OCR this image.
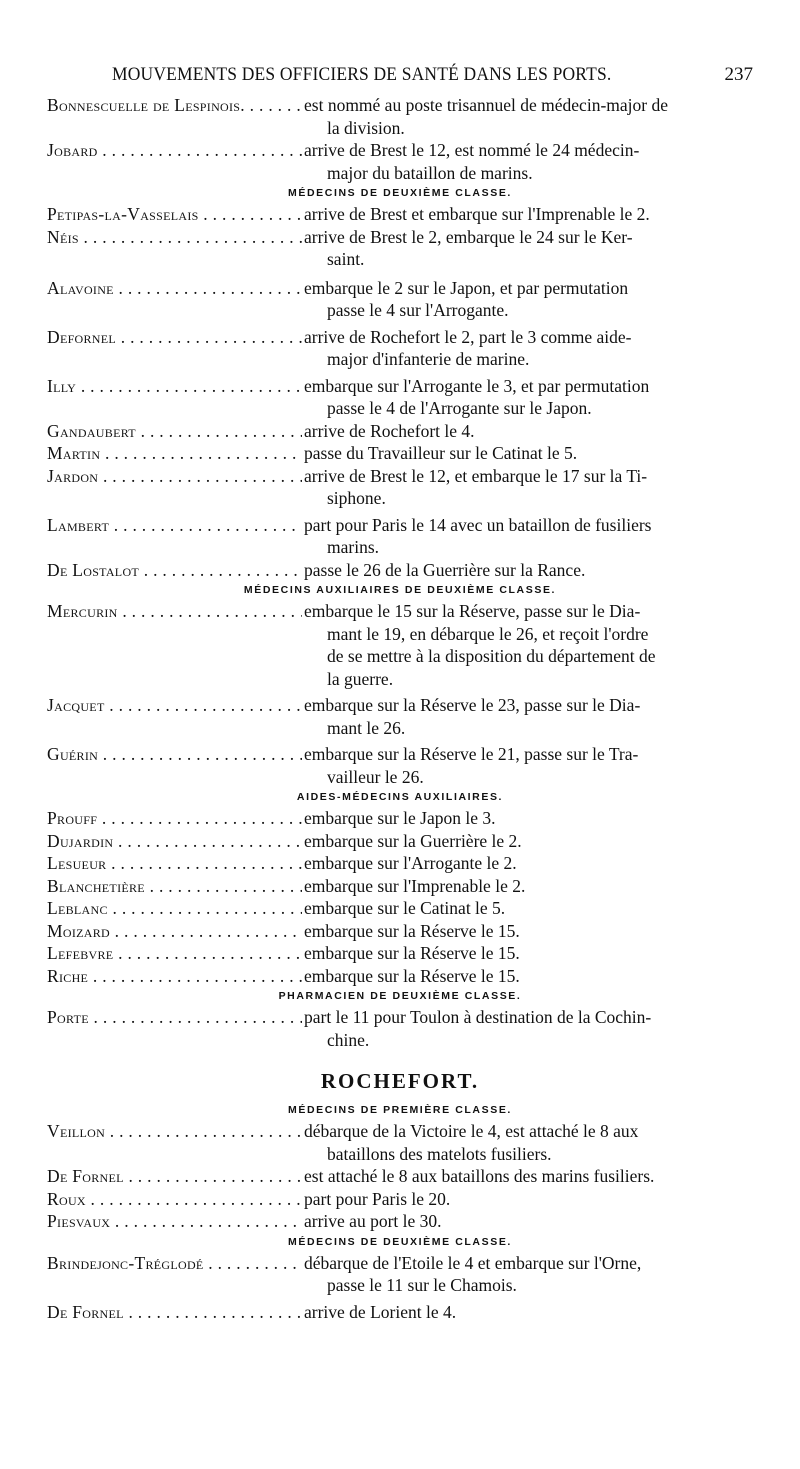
MOUVEMENTS DES OFFICIERS DE SANTÉ DANS LES PORTS.	237
Bonnescuelle de Lespinois. . . .	est nommé au poste trisannuel de médecin-major de
la division.
Jobard . . .	arrive de Brest le 12, est nommé le 24 médecin-
major du bataillon de marins.
MÉDECINS DE DEUXIÈME CLASSE.
Petipas-la-Vasselais . . .	arrive de Brest et embarque sur l'Imprenable le 2.
Néis . . .	arrive de Brest le 2, embarque le 24 sur le Ker-
saint.
Alavoine . . .	embarque le 2 sur le Japon, et par permutation
passe le 4 sur l'Arrogante.
Defornel . . .	arrive de Rochefort le 2, part le 3 comme aide-
major d'infanterie de marine.
Illy . . .	embarque sur l'Arrogante le 3, et par permutation
passe le 4 de l'Arrogante sur le Japon.
Gandaubert . . .	arrive de Rochefort le 4.
Martin . . .	passe du Travailleur sur le Catinat le 5.
Jardon . . .	arrive de Brest le 12, et embarque le 17 sur la Ti-
siphone.
Lambert . . .	part pour Paris le 14 avec un bataillon de fusiliers
marins.
De Lostalot . . .	passe le 26 de la Guerrière sur la Rance.
MÉDECINS AUXILIAIRES DE DEUXIÈME CLASSE.
Mercurin . . .	embarque le 15 sur la Réserve, passe sur le Dia-
mant le 19, en débarque le 26, et reçoit l'ordre
de se mettre à la disposition du département de
la guerre.
Jacquet . . .	embarque sur la Réserve le 23, passe sur le Dia-
mant le 26.
Guérin . . .	embarque sur la Réserve le 21, passe sur le Tra-
vailleur le 26.
AIDES-MÉDECINS AUXILIAIRES.
Prouff . . .	embarque sur le Japon le 3.
Dujardin . . .	embarque sur la Guerrière le 2.
Lesueur . . .	embarque sur l'Arrogante le 2.
Blanchetière . . .	embarque sur l'Imprenable le 2.
Leblanc . . .	embarque sur le Catinat le 5.
Moizard . . .	embarque sur la Réserve le 15.
Lefebvre . . .	embarque sur la Réserve le 15.
Riche . . .	embarque sur la Réserve le 15.
PHARMACIEN DE DEUXIÈME CLASSE.
Porte . . .	part le 11 pour Toulon à destination de la Cochin-
chine.
ROCHEFORT.
MÉDECINS DE PREMIÈRE CLASSE.
Veillon . . .	débarque de la Victoire le 4, est attaché le 8 aux
bataillons des matelots fusiliers.
De Fornel . . .	est attaché le 8 aux bataillons des marins fusiliers.
Roux . . .	part pour Paris le 20.
Piesvaux . . .	arrive au port le 30.
MÉDECINS DE DEUXIÈME CLASSE.
Brindejonc-Tréglodé . . .	débarque de l'Etoile le 4 et embarque sur l'Orne,
passe le 11 sur le Chamois.
De Fornel . . .	arrive de Lorient le 4.
